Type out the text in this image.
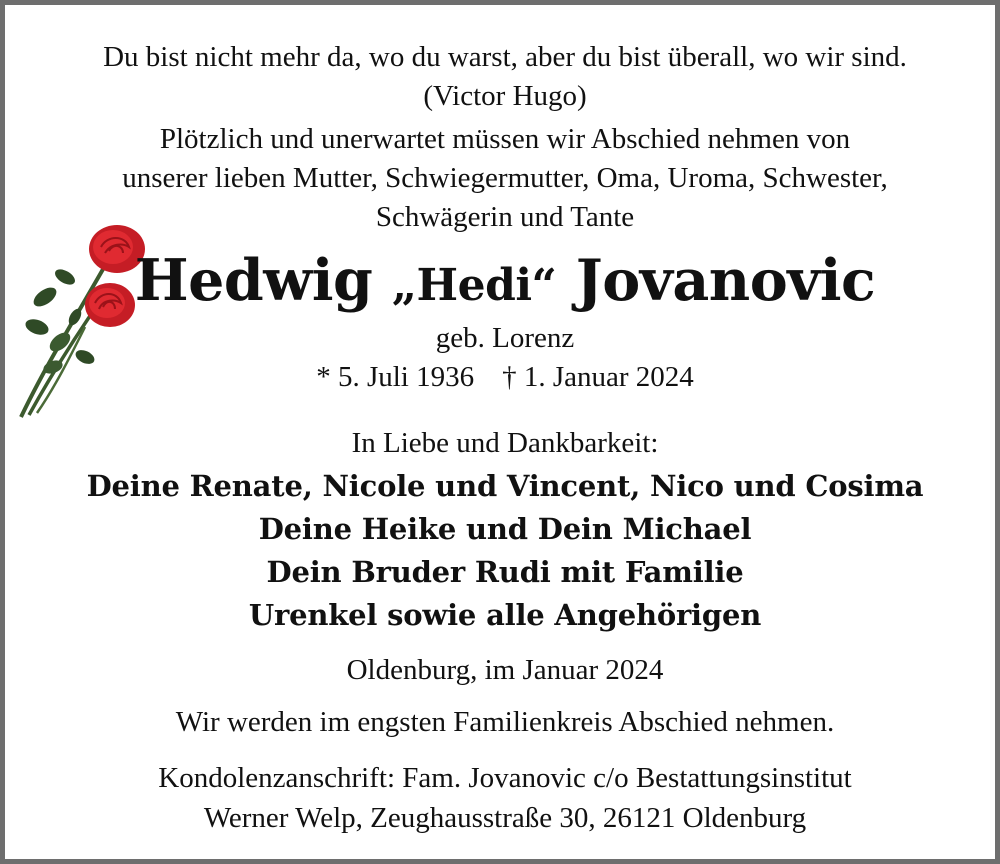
Du bist nicht mehr da, wo du warst, aber du bist überall, wo wir sind.
(Victor Hugo)
Plötzlich und unerwartet müssen wir Abschied nehmen von
unserer lieben Mutter, Schwiegermutter, Oma, Uroma, Schwester,
Schwägerin und Tante
Hedwig „Hedi“ Jovanovic
geb. Lorenz
* 5. Juli 1936 † 1. Januar 2024
In Liebe und Dankbarkeit:
Deine Renate, Nicole und Vincent, Nico und Cosima
Deine Heike und Dein Michael
Dein Bruder Rudi mit Familie
Urenkel sowie alle Angehörigen
Oldenburg, im Januar 2024
Wir werden im engsten Familienkreis Abschied nehmen.
Kondolenzanschrift: Fam. Jovanovic c/o Bestattungsinstitut
Werner Welp, Zeughausstraße 30, 26121 Oldenburg
